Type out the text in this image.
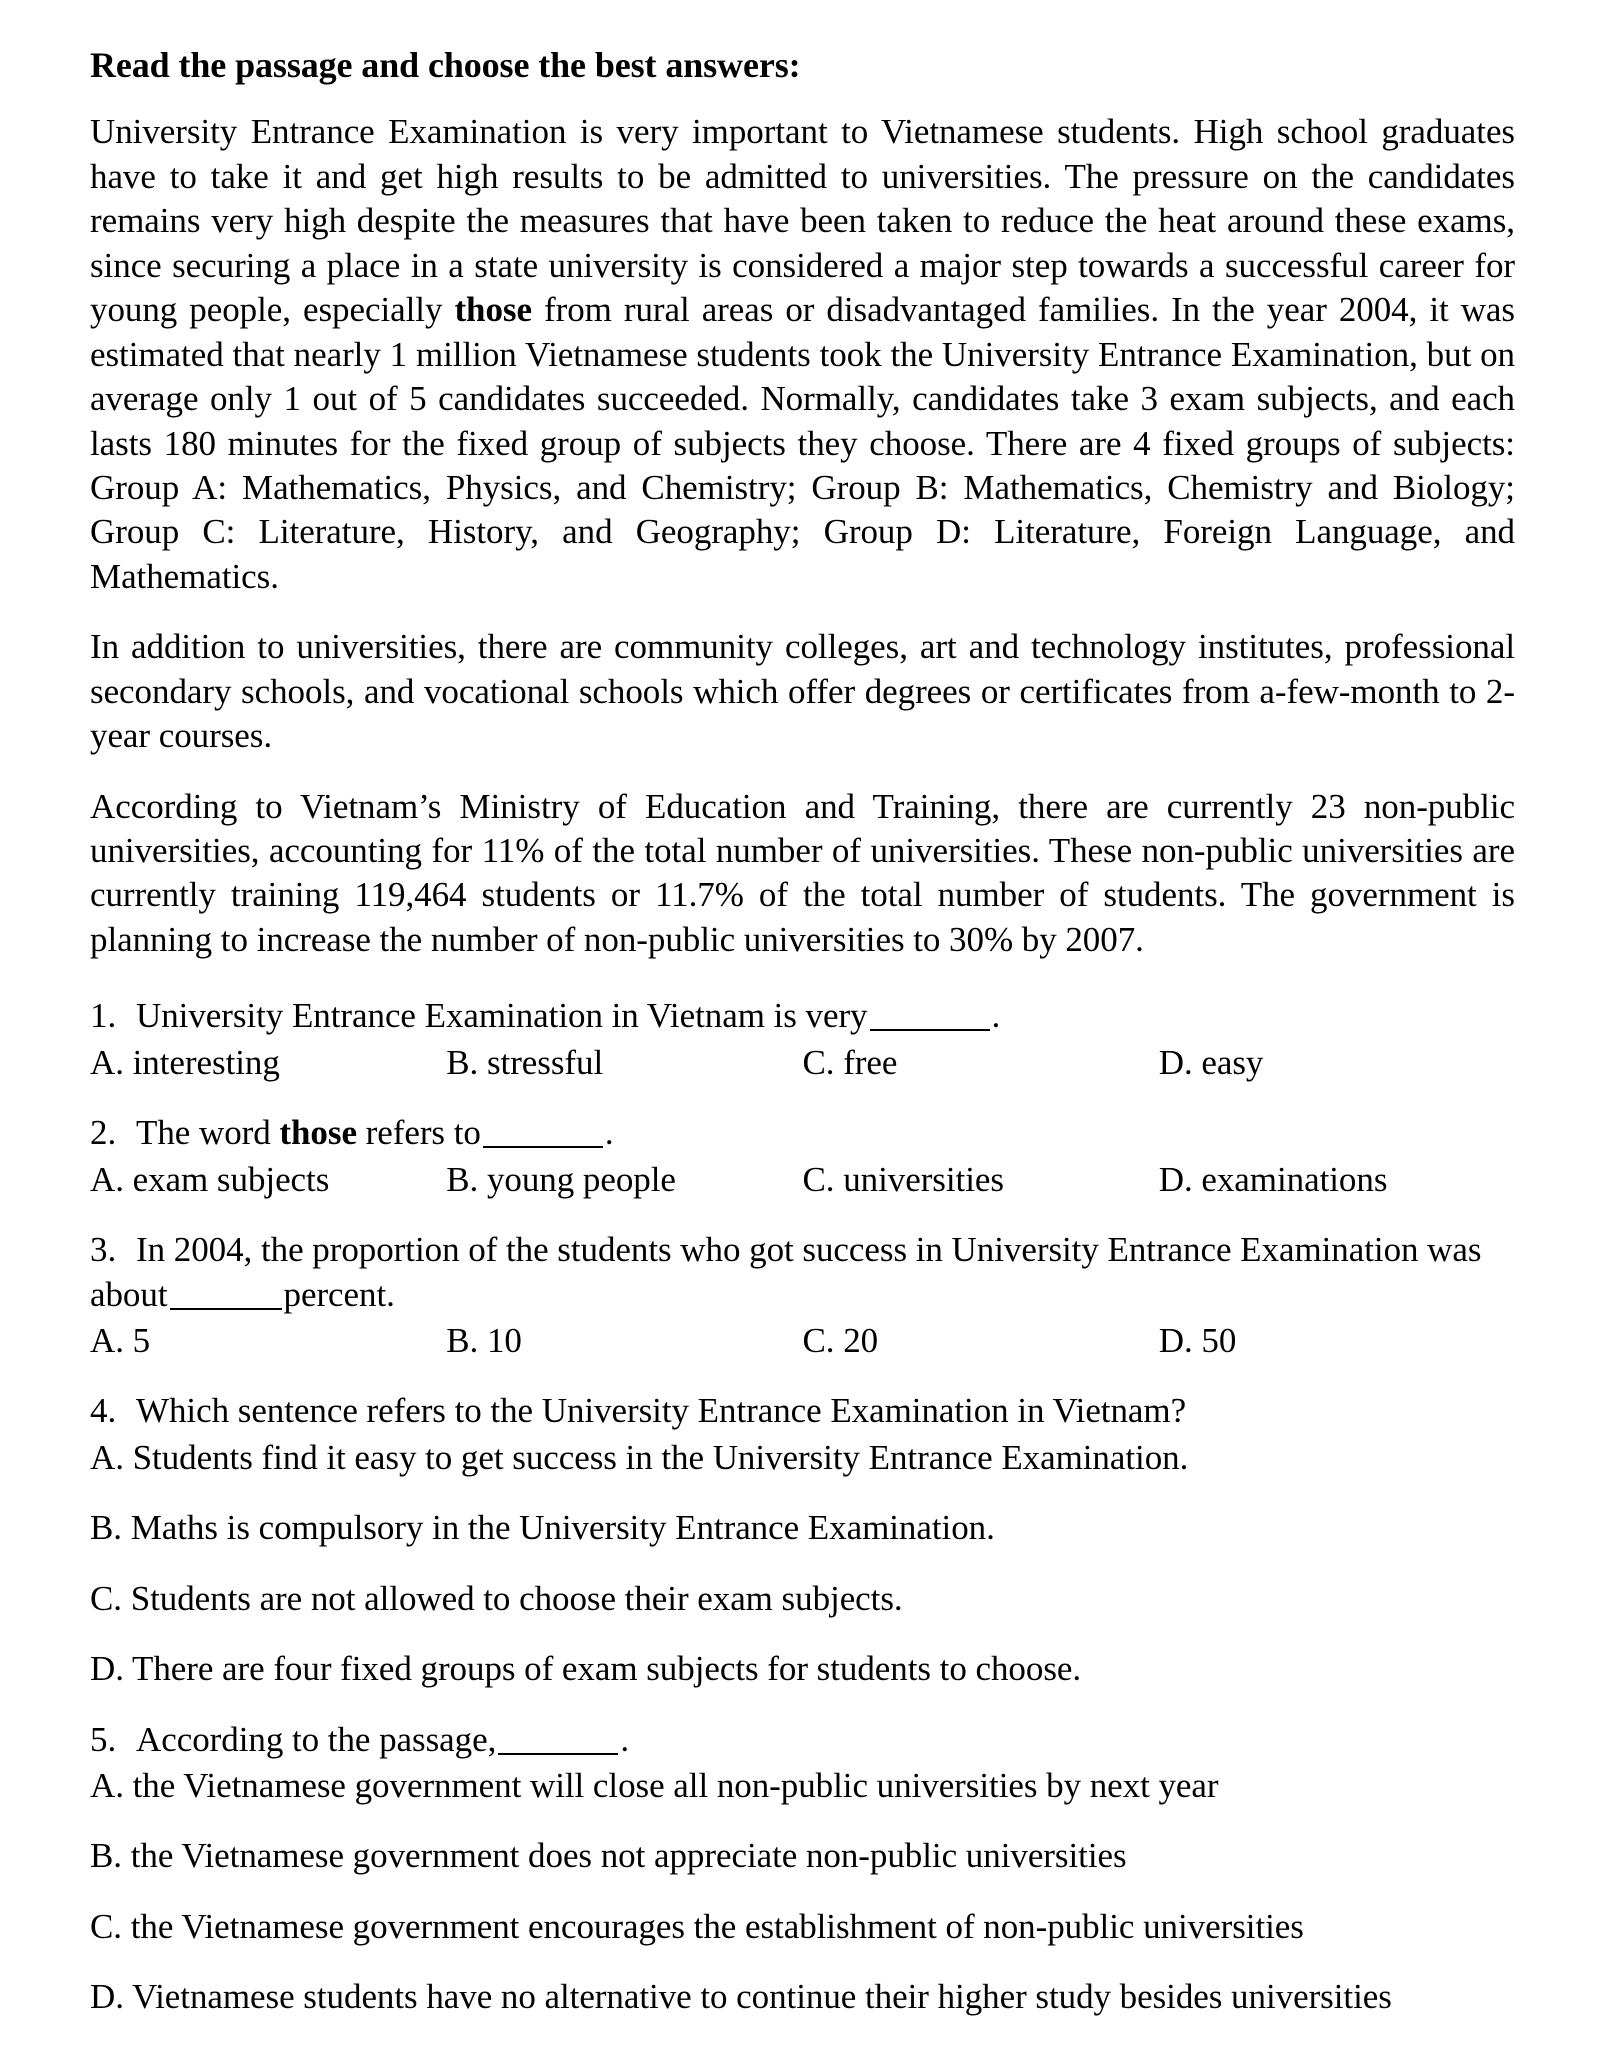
Read the passage and choose the best answers:

University Entrance Examination is very important to Vietnamese students. High school graduates have to take it and get high results to be admitted to universities. The pressure on the candidates remains very high despite the measures that have been taken to reduce the heat around these exams, since securing a place in a state university is considered a major step towards a successful career for young people, especially those from rural areas or disadvantaged families. In the year 2004, it was estimated that nearly 1 million Vietnamese students took the University Entrance Examination, but on average only 1 out of 5 candidates succeeded. Normally, candidates take 3 exam subjects, and each lasts 180 minutes for the fixed group of subjects they choose. There are 4 fixed groups of subjects: Group A: Mathematics, Physics, and Chemistry; Group B: Mathematics, Chemistry and Biology; Group C: Literature, History, and Geography; Group D: Literature, Foreign Language, and Mathematics.

In addition to universities, there are community colleges, art and technology institutes, professional secondary schools, and vocational schools which offer degrees or certificates from a-few-month to 2-year courses.

According to Vietnam’s Ministry of Education and Training, there are currently 23 non-public universities, accounting for 11% of the total number of universities. These non-public universities are currently training 119,464 students or 11.7% of the total number of students. The government is planning to increase the number of non-public universities to 30% by 2007.

1. University Entrance Examination in Vietnam is very	.

A. interesting	B. stressful	C. free	D. easy

2. The word those refers to	.

A. exam subjects	B. young people	C. universities	D. examinations

3. In 2004, the proportion of the students who got success in University Entrance Examination was about	percent.

A. 5	B. 10	C. 20	D. 50

4. Which sentence refers to the University Entrance Examination in Vietnam?

A. Students find it easy to get success in the University Entrance Examination.

B. Maths is compulsory in the University Entrance Examination.

C. Students are not allowed to choose their exam subjects.

D. There are four fixed groups of exam subjects for students to choose.

5. According to the passage,	.

A. the Vietnamese government will close all non-public universities by next year

B. the Vietnamese government does not appreciate non-public universities

C. the Vietnamese government encourages the establishment of non-public universities

D. Vietnamese students have no alternative to continue their higher study besides universities
